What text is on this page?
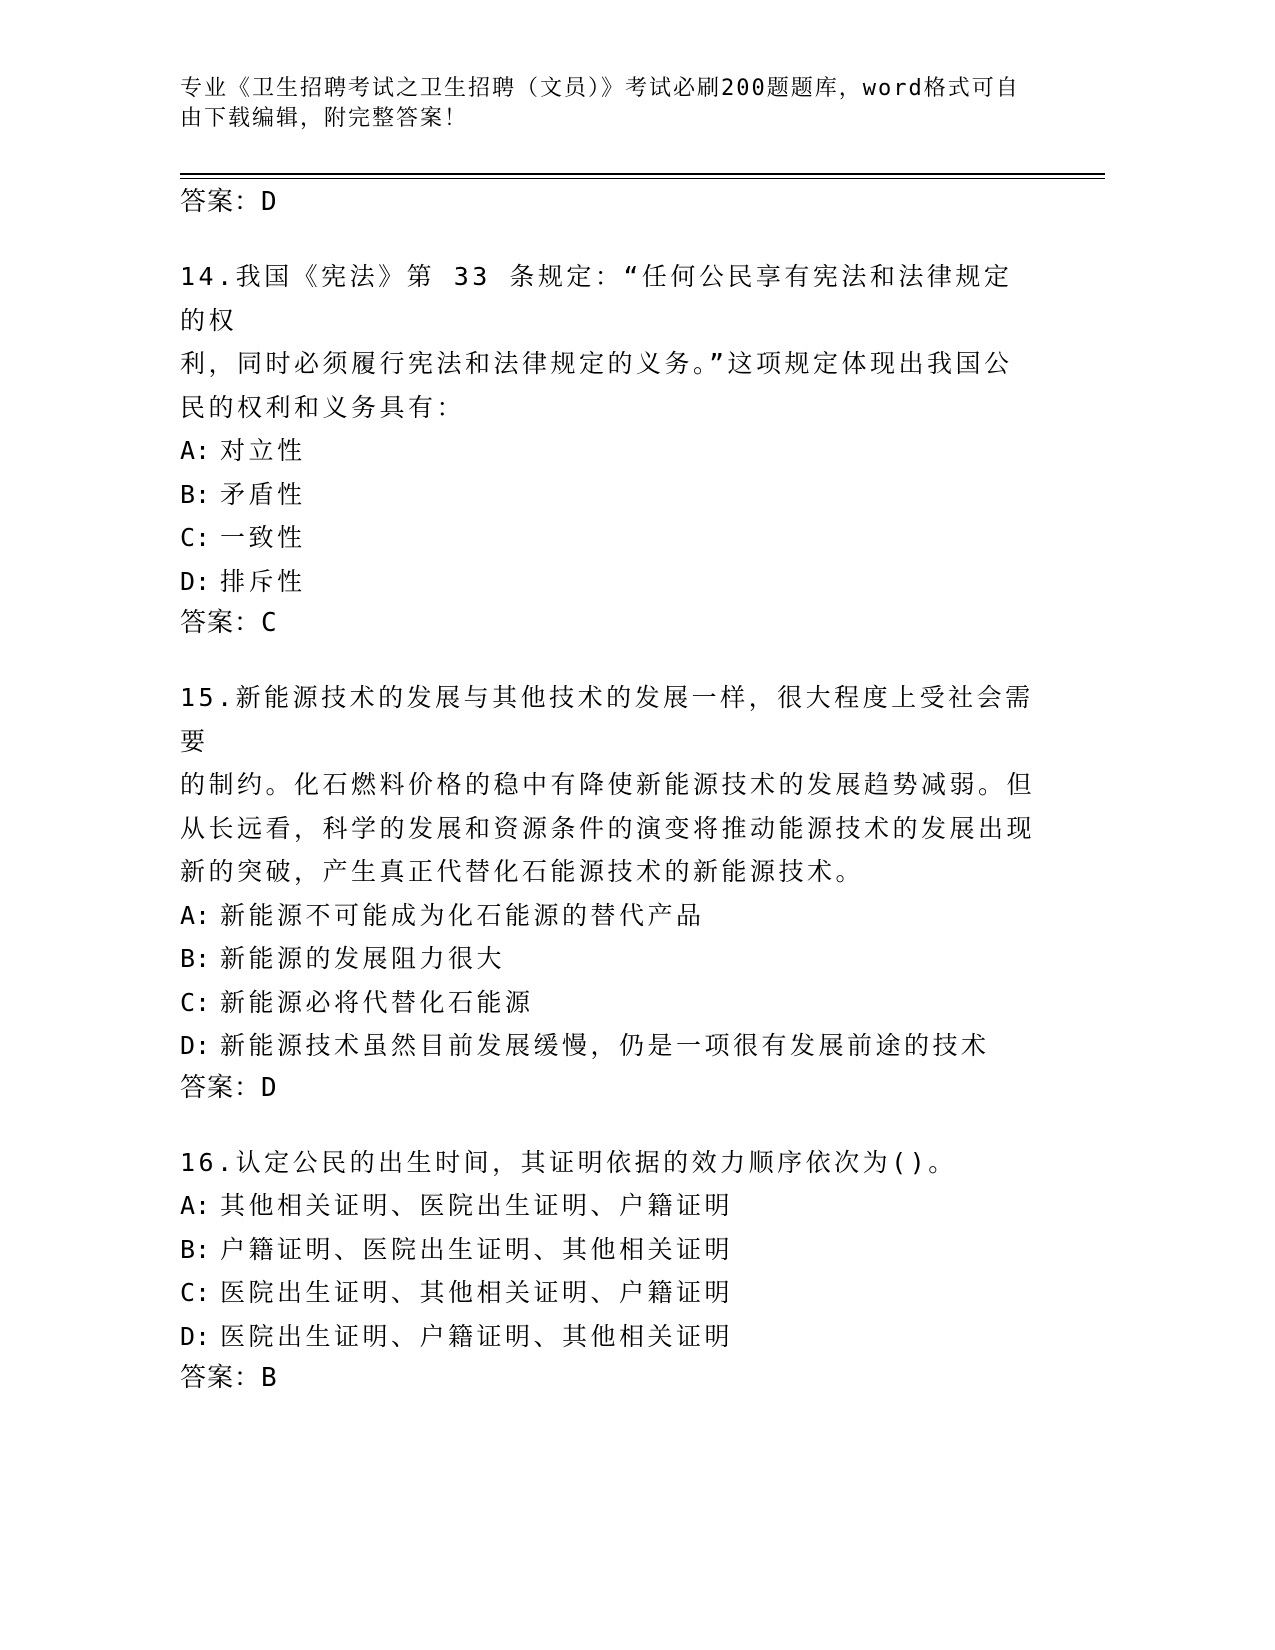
专业《卫生招聘考试之卫生招聘（文员）》考试必刷200题题库，word格式可自
由下载编辑，附完整答案！

答案：D

14.我国《宪法》第 33 条规定：“任何公民享有宪法和法律规定的权

利，同时必须履行宪法和法律规定的义务。”这项规定体现出我国公

民的权利和义务具有：

A: 对立性

B: 矛盾性

C: 一致性

D: 排斥性

答案：C

15.新能源技术的发展与其他技术的发展一样，很大程度上受社会需要

的制约。化石燃料价格的稳中有降使新能源技术的发展趋势减弱。但

从长远看，科学的发展和资源条件的演变将推动能源技术的发展出现

新的突破，产生真正代替化石能源技术的新能源技术。

A: 新能源不可能成为化石能源的替代产品

B: 新能源的发展阻力很大

C: 新能源必将代替化石能源

D: 新能源技术虽然目前发展缓慢，仍是一项很有发展前途的技术

答案：D

16.认定公民的出生时间，其证明依据的效力顺序依次为()。

A: 其他相关证明、医院出生证明、户籍证明

B: 户籍证明、医院出生证明、其他相关证明

C: 医院出生证明、其他相关证明、户籍证明

D: 医院出生证明、户籍证明、其他相关证明

答案：B
